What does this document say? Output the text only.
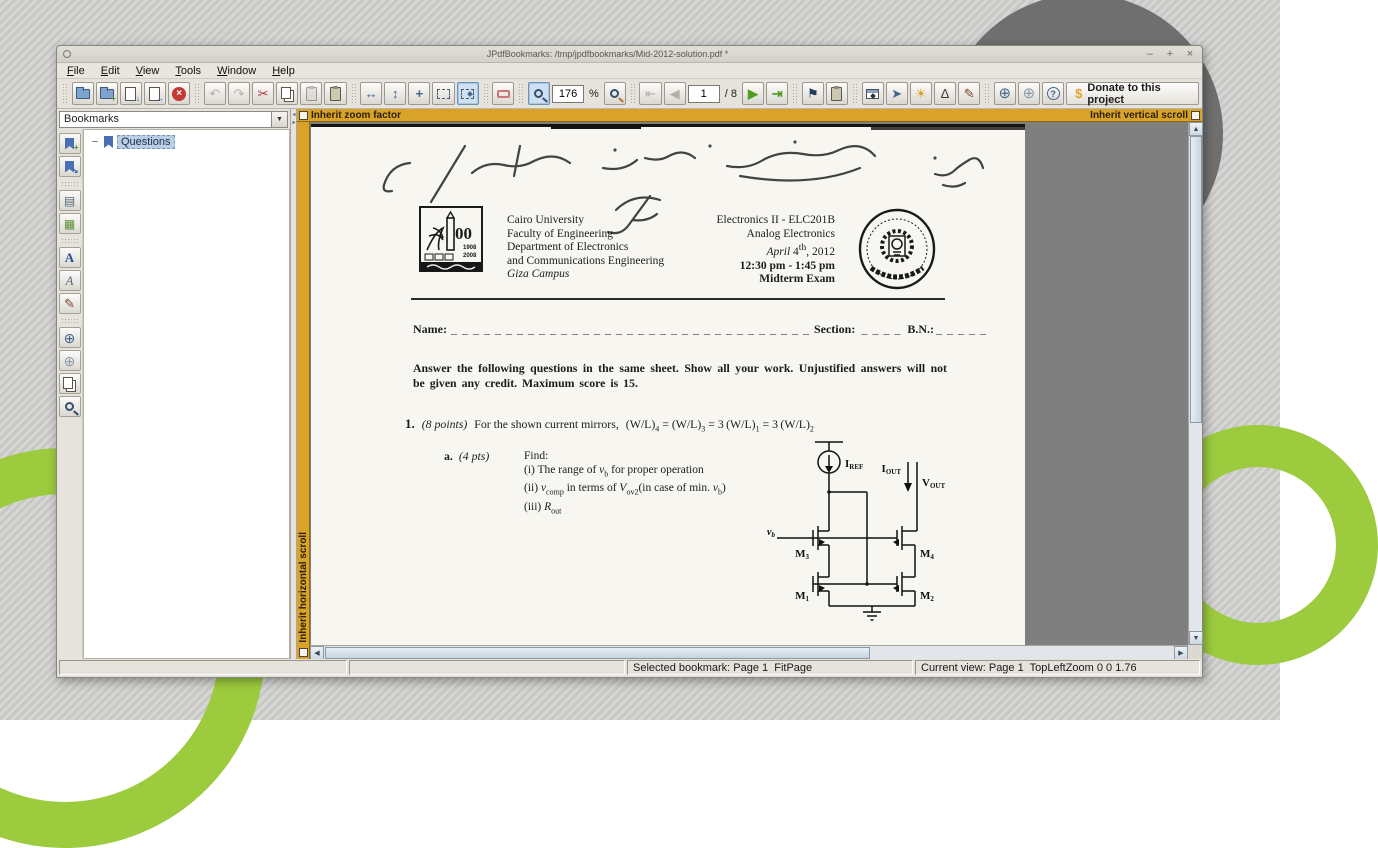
JPdfBookmarks: /tmp/jpdfbookmarks/Mid-2012-solution.pdf *	– + ×
File	Edit	View	Tools	Window	Help
+	↓ →	×	↶ ↷ ✂	↔ ↕ +
176	%	⇤ ◀
1	/ 8 ▶ ⇥ ⚑	➤ ☀ ∆ ✎ ⊕ ⊕	? $ Donate to this project
Bookmarks	▼
+
↘
▤
▦
A
A
✎
⊕
⊕
−	Questions
◂
▸
Inherit zoom factor	Inherit vertical scroll
Inherit horizontal scroll
00
1908
2008
Cairo University
Faculty of Engineering
Department of Electronics
and Communications Engineering
Giza Campus
Electronics II - ELC201B
Analog Electronics
April 4th, 2012
12:30 pm - 1:45 pm
Midterm Exam
Name: _ _ _ _ _ _ _ _ _ _ _ _ _ _ _ _ _ _ _ _ _ _ _ _ _ _ _ _ _ _ _ _ _ Section: _ _ _ _ B.N.: _ _ _ _ _
Answer the following questions in the same sheet. Show all your work. Unjustified answers will not be given any credit. Maximum score is 15.
1. (8 points) For the shown current mirrors, $(W/L)_4 = (W/L)_3 = 3$ $(W/L)_1 = 3$ $(W/L)_2$
a. (4 pts)	Find:
(i) The range of $v_b$ for proper operation
(ii) $v_{comp}$ in terms of $V_{ov2}(in$ case of min. $v_b$)
(iii) $R_{out}$
$v_b$
IREF IOUT
VOUT
M3	M4
M1	M2
▲
▼
◀	▶
Selected bookmark: Page 1  FitPage	Current view: Page 1  TopLeftZoom 0 0 1.76
